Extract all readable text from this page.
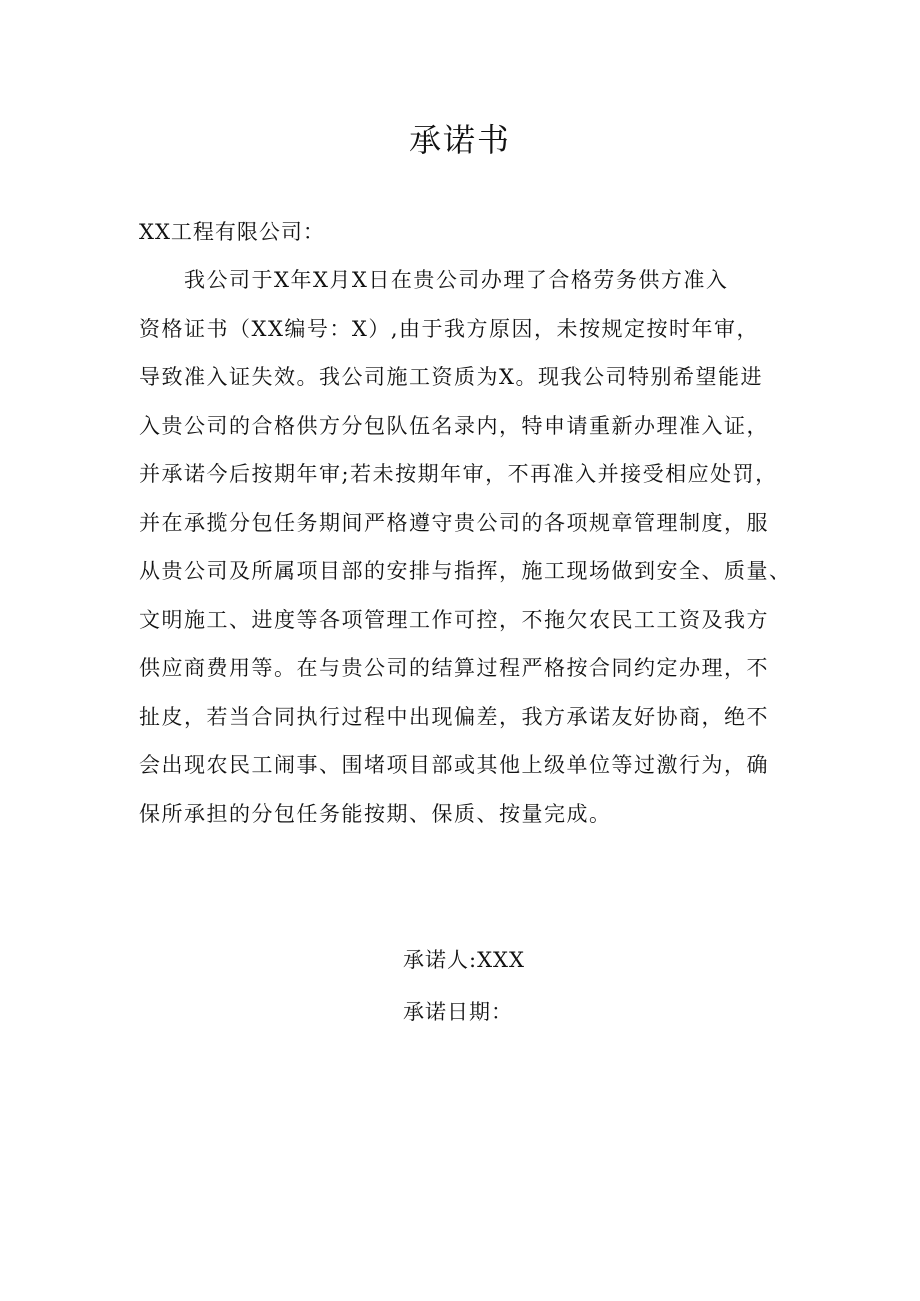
承诺书

XX工程有限公司：

我公司于X年X月X日在贵公司办理了合格劳务供方准入
资格证书（XX编号：X）,由于我方原因，未按规定按时年审，
导致准入证失效。我公司施工资质为X。现我公司特别希望能进
入贵公司的合格供方分包队伍名录内，特申请重新办理准入证，
并承诺今后按期年审;若未按期年审，不再准入并接受相应处罚，
并在承揽分包任务期间严格遵守贵公司的各项规章管理制度，服
从贵公司及所属项目部的安排与指挥，施工现场做到安全、质量、
文明施工、进度等各项管理工作可控，不拖欠农民工工资及我方
供应商费用等。在与贵公司的结算过程严格按合同约定办理，不
扯皮，若当合同执行过程中出现偏差，我方承诺友好协商，绝不
会出现农民工闹事、围堵项目部或其他上级单位等过激行为，确
保所承担的分包任务能按期、保质、按量完成。

承诺人:XXX

承诺日期：
